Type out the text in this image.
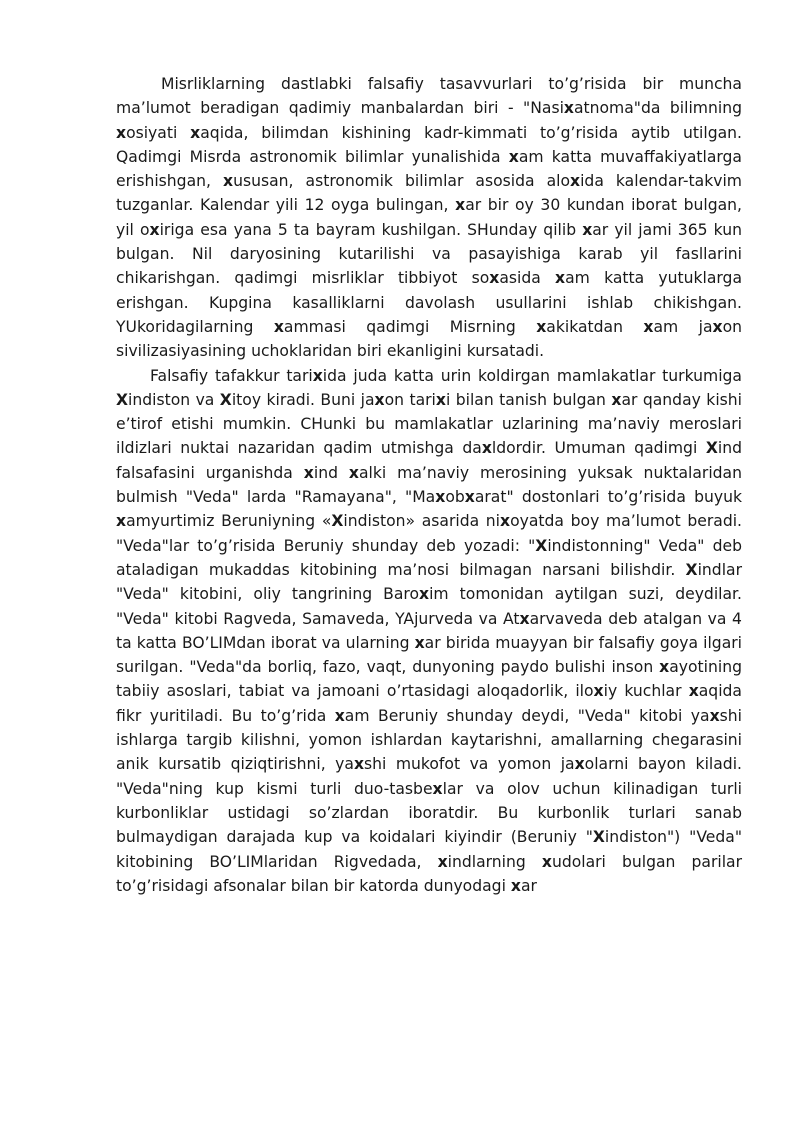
Misrliklarning dastlabki falsafiy tasavvurlari to’g’risida bir muncha ma’lumot beradigan qadimiy manbalardan biri - "Nasixatnoma"da bilimning xosiyati xaqida, bilimdan kishining kadr-kimmati to’g’risida aytib utilgan. Qadimgi Misrda astronomik bilimlar yunalishida xam katta muvaffakiyatlarga erishishgan, xususan, astronomik bilimlar asosida aloxida kalendar-takvim tuzganlar. Kalendar yili 12 oyga bulingan, xar bir oy 30 kundan iborat bulgan, yil oxiriga esa yana 5 ta bayram kushilgan. SHunday qilib xar yil jami 365 kun bulgan. Nil daryosining kutarilishi va pasayishiga karab yil fasllarini chikarishgan. qadimgi misrliklar tibbiyot soxasida xam katta yutuklarga erishgan. Kupgina kasalliklarni davolash usullarini ishlab chikishgan. YUkoridagilarning xammasi qadimgi Misrning xakikatdan xam jaxon sivilizasiyasining uchoklaridan biri ekanligini kursatadi.

Falsafiy tafakkur tarixida juda katta urin koldirgan mamlakatlar turkumiga Xindiston va Xitoy kiradi. Buni jaxon tarixi bilan tanish bulgan xar qanday kishi e’tirof etishi mumkin. CHunki bu mamlakatlar uzlarining ma’naviy meroslari ildizlari nuktai nazaridan qadim utmishga daxldordir. Umuman qadimgi Xind falsafasini urganishda xind xalki ma’naviy merosining yuksak nuktalaridan bulmish "Veda" larda "Ramayana", "Maxobxarat" dostonlari to’g’risida buyuk xamyurtimiz Beruniyning «Xindiston» asarida nixoyatda boy ma’lumot beradi. "Veda"lar to’g’risida Beruniy shunday deb yozadi: "Xindistonning" Veda" deb ataladigan mukaddas kitobining ma’nosi bilmagan narsani bilishdir. Xindlar "Veda" kitobini, oliy tangrining Baroxim tomonidan aytilgan suzi, deydilar. "Veda" kitobi Ragveda, Samaveda, YAjurveda va Atxarvaveda deb atalgan va 4 ta katta BO’LIMdan iborat va ularning xar birida muayyan bir falsafiy goya ilgari surilgan. "Veda"da borliq, fazo, vaqt, dunyoning paydo bulishi inson xayotining tabiiy asoslari, tabiat va jamoani o’rtasidagi aloqadorlik, iloxiy kuchlar xaqida fikr yuritiladi. Bu to’g’rida xam Beruniy shunday deydi, "Veda" kitobi yaxshi ishlarga targib kilishni, yomon ishlardan kaytarishni, amallarning chegarasini anik kursatib qiziqtirishni, yaxshi mukofot va yomon jaxolarni bayon kiladi. "Veda"ning kup kismi turli duo-tasbexlar va olov uchun kilinadigan turli kurbonliklar ustidagi so’zlardan iboratdir. Bu kurbonlik turlari sanab bulmaydigan darajada kup va koidalari kiyindir (Beruniy "Xindiston") "Veda" kitobining BO’LIMlaridan Rigvedada, xindlarning xudolari bulgan parilar to’g’risidagi afsonalar bilan bir katorda dunyodagi xar
